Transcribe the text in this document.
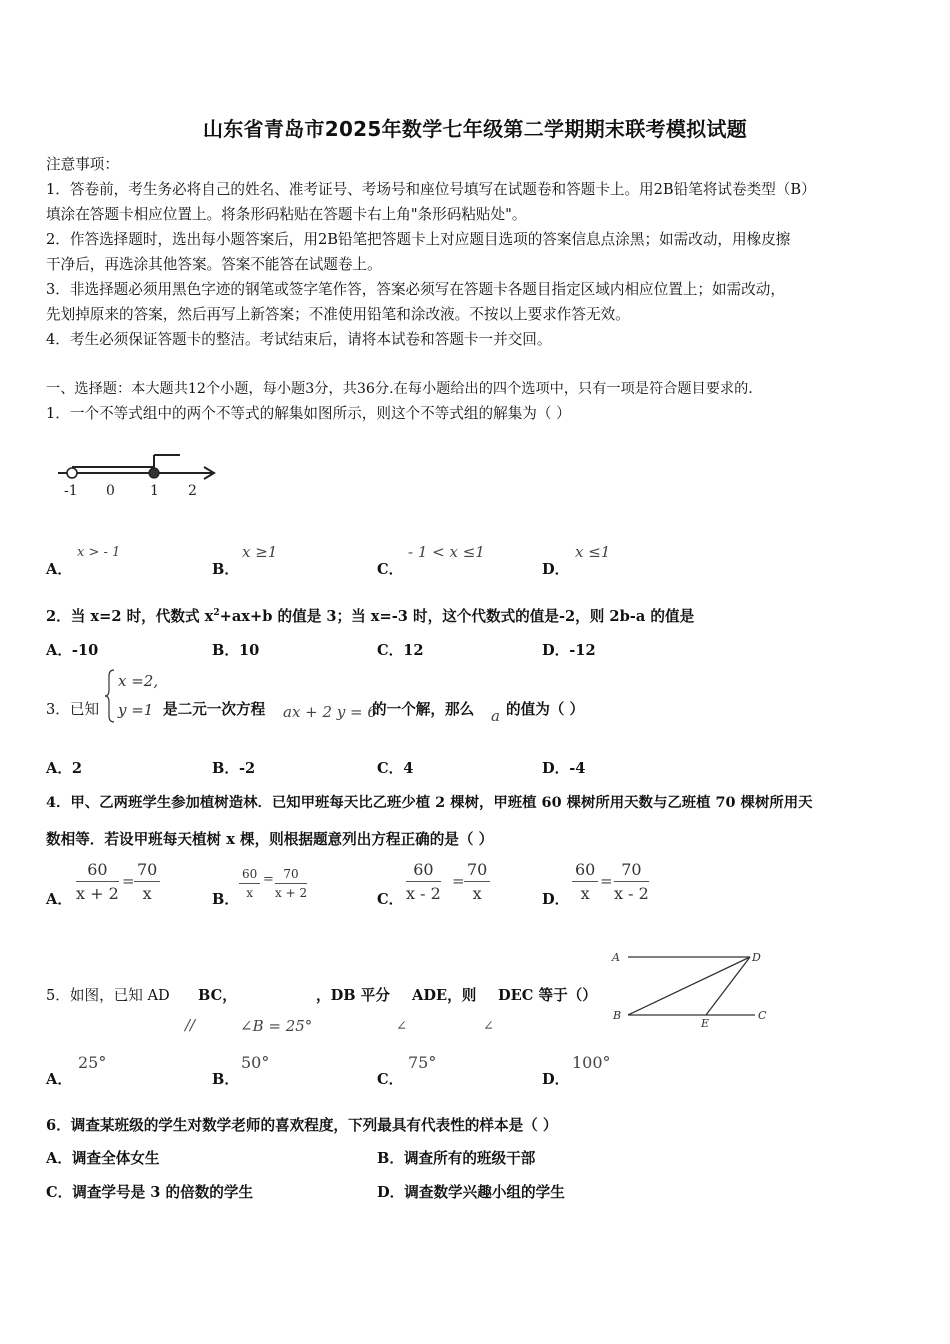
山东省青岛市2025年数学七年级第二学期期末联考模拟试题
注意事项：
1．答卷前，考生务必将自己的姓名、准考证号、考场号和座位号填写在试题卷和答题卡上。用2B铅笔将试卷类型（B）
填涂在答题卡相应位置上。将条形码粘贴在答题卡右上角"条形码粘贴处"。
2．作答选择题时，选出每小题答案后，用2B铅笔把答题卡上对应题目选项的答案信息点涂黑；如需改动，用橡皮擦
干净后，再选涂其他答案。答案不能答在试题卷上。
3．非选择题必须用黑色字迹的钢笔或签字笔作答，答案必须写在答题卡各题目指定区域内相应位置上；如需改动，
先划掉原来的答案，然后再写上新答案；不准使用铅笔和涂改液。不按以上要求作答无效。
4．考生必须保证答题卡的整洁。考试结束后，请将本试卷和答题卡一并交回。
一、选择题：本大题共12个小题，每小题3分，共36分.在每小题给出的四个选项中，只有一项是符合题目要求的.
1．一个不等式组中的两个不等式的解集如图所示，则这个不等式组的解集为（ ）
-1 0	1 2
A．
x > - 1
B．
x ≥1
C．
- 1 < x ≤1
D．
x ≤1
2．当 x=2 时，代数式 $x^2+ax+b$ 的值是 3；当 x=-3 时，这个代数式的值是-2，则 2b-a 的值是
A．-10	B．10	C．12	D．-12
3．已知
x =2,
y =1 是二元一次方程 ax + 2 y = 6
的一个解，那么 a 的值为（ ）
A．2	B．-2	C．4	D．-4
4．甲、乙两班学生参加植树造林．已知甲班每天比乙班少植 2 棵树，甲班植 60 棵树所用天数与乙班植 70 棵树所用天
数相等．若设甲班每天植树 x 棵，则根据题意列出方程正确的是（ ）
A． $\frac{60}{x + 2} = \frac{70}{x}$	B． $\frac{60}{x} = \frac{70}{x + 2}$	C． $\frac{60}{x - 2} = \frac{70}{x}$	D． $\frac{60}{x} = \frac{70}{x - 2}$
5．如图，已知 AD BC，	，DB 平分 ADE，则 DEC 等于（）
//	∠B = 25°	∠	∠
A	D
B
E
C
A．
25°
B．
50°
C．
75°
D．
100°
6．调查某班级的学生对数学老师的喜欢程度，下列最具有代表性的样本是（ ）
A．调查全体女生	B．调查所有的班级干部
C．调查学号是 3 的倍数的学生	D．调查数学兴趣小组的学生
